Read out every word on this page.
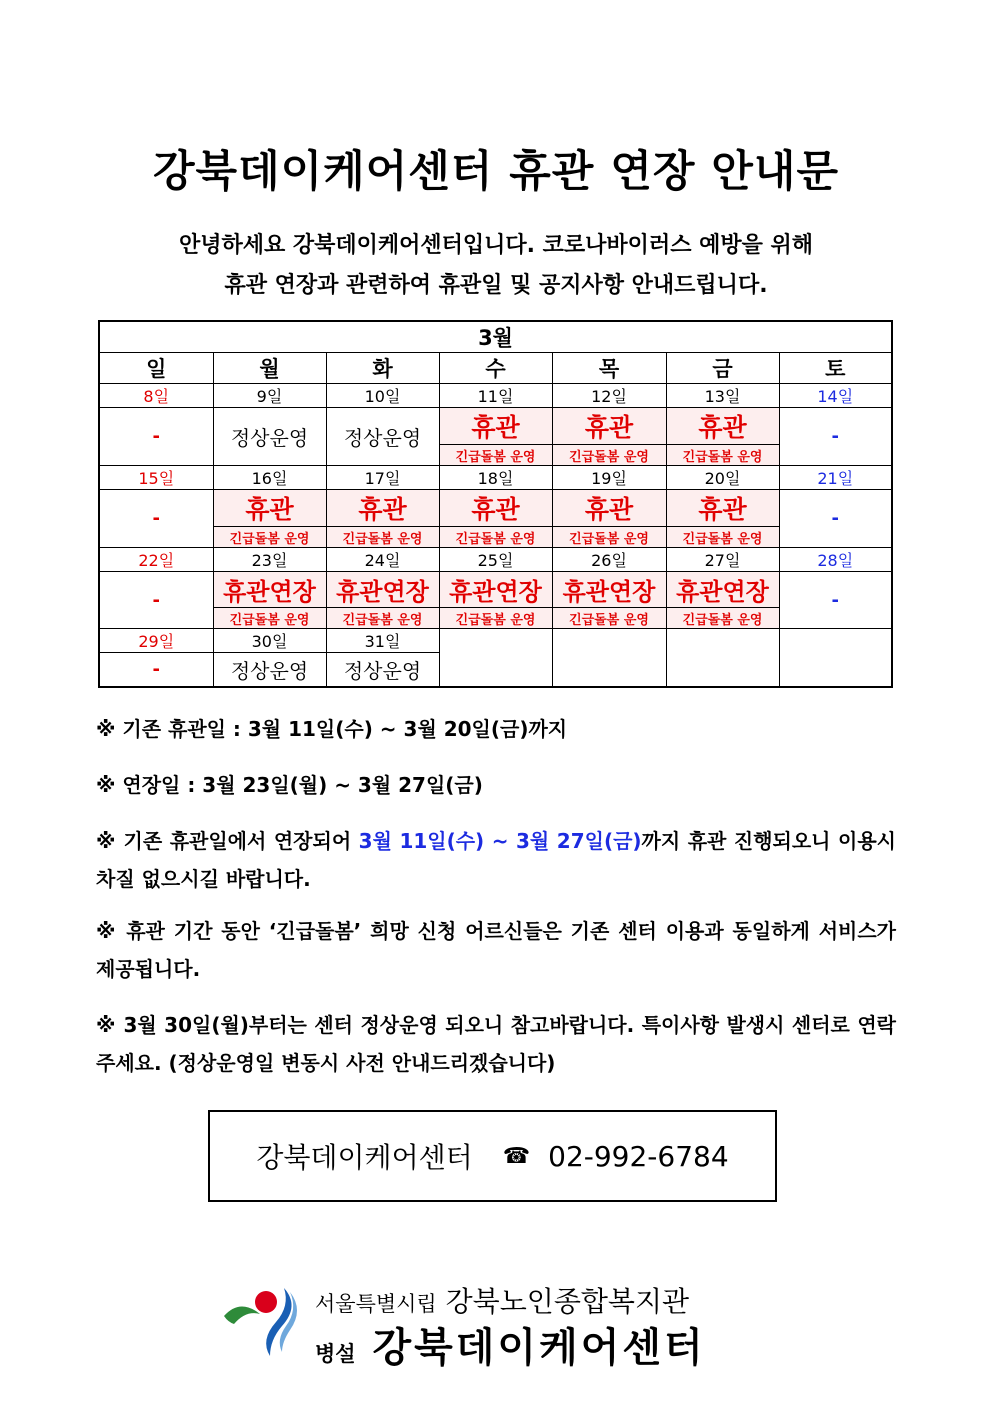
강북데이케어센터 휴관 연장 안내문
안녕하세요 강북데이케어센터입니다. 코로나바이러스 예방을 위해
휴관 연장과 관련하여 휴관일 및 공지사항 안내드립니다.
3월						
일	월	화	수	목	금	토
8일	9일	10일	11일	12일	13일	14일
-	정상운영	정상운영	휴관	휴관	휴관	-
			긴급돌봄 운영	긴급돌봄 운영	긴급돌봄 운영	
15일	16일	17일	18일	19일	20일	21일
-	휴관	휴관	휴관	휴관	휴관	-
	긴급돌봄 운영	긴급돌봄 운영	긴급돌봄 운영	긴급돌봄 운영	긴급돌봄 운영	
22일	23일	24일	25일	26일	27일	28일
-	휴관연장	휴관연장	휴관연장	휴관연장	휴관연장	-
	긴급돌봄 운영	긴급돌봄 운영	긴급돌봄 운영	긴급돌봄 운영	긴급돌봄 운영	
29일	30일	31일				
-	정상운영	정상운영				
※ 기존 휴관일 : 3월 11일(수) ~ 3월 20일(금)까지
※ 연장일 : 3월 23일(월) ~ 3월 27일(금)
※ 기존 휴관일에서 연장되어 3월 11일(수) ~ 3월 27일(금)까지 휴관 진행되오니 이용시 차질 없으시길 바랍니다.
※ 휴관 기간 동안 ‘긴급돌봄’ 희망 신청 어르신들은 기존 센터 이용과 동일하게 서비스가 제공됩니다.
※ 3월 30일(월)부터는 센터 정상운영 되오니 참고바랍니다. 특이사항 발생시 센터로 연락주세요. (정상운영일 변동시 사전 안내드리겠습니다)
강북데이케어센터 ☎ 02-992-6784
서울특별시립 강북노인종합복지관
병설 강북데이케어센터
